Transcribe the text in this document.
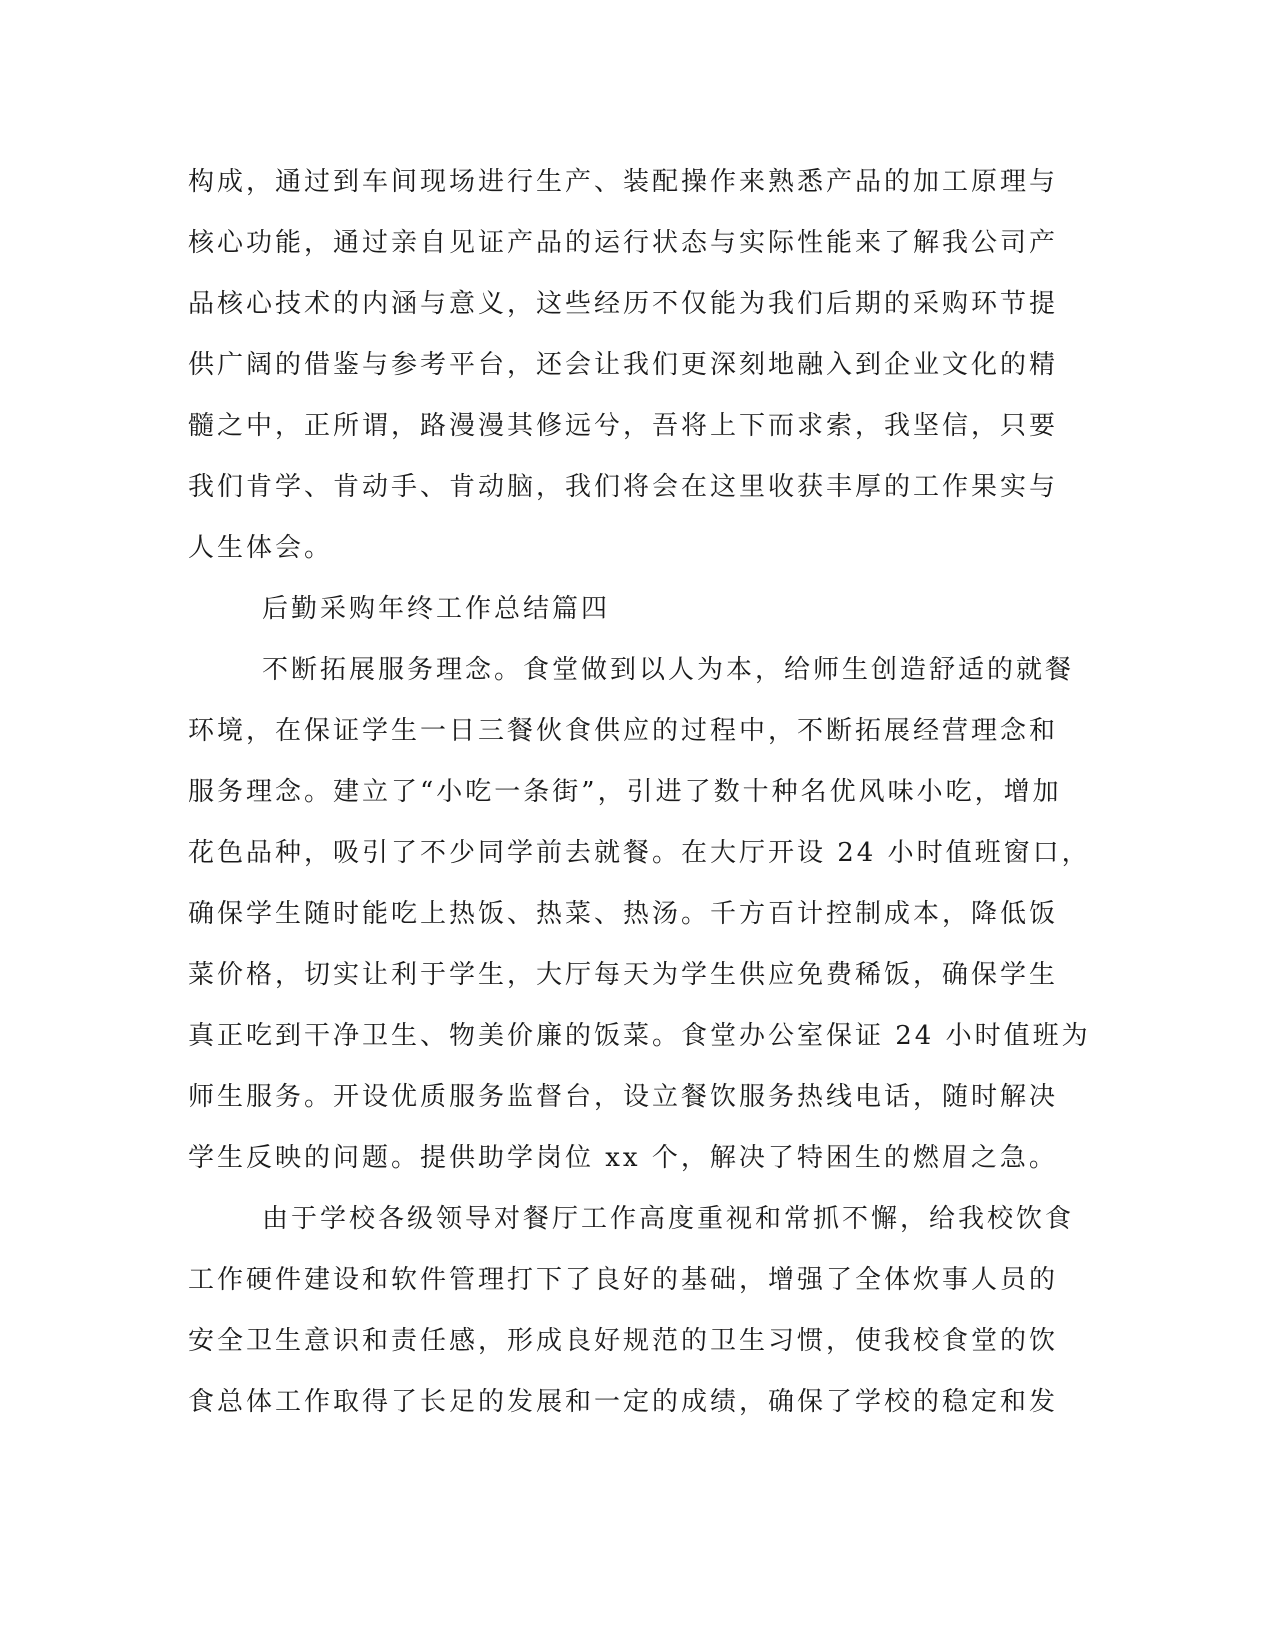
构成，通过到车间现场进行生产、装配操作来熟悉产品的加工原理与
核心功能，通过亲自见证产品的运行状态与实际性能来了解我公司产
品核心技术的内涵与意义，这些经历不仅能为我们后期的采购环节提
供广阔的借鉴与参考平台，还会让我们更深刻地融入到企业文化的精
髓之中，正所谓，路漫漫其修远兮，吾将上下而求索，我坚信，只要
我们肯学、肯动手、肯动脑，我们将会在这里收获丰厚的工作果实与
人生体会。
后勤采购年终工作总结篇四
不断拓展服务理念。食堂做到以人为本，给师生创造舒适的就餐
环境，在保证学生一日三餐伙食供应的过程中，不断拓展经营理念和
服务理念。建立了“小吃一条街”，引进了数十种名优风味小吃，增加
花色品种，吸引了不少同学前去就餐。在大厅开设 24 小时值班窗口，
确保学生随时能吃上热饭、热菜、热汤。千方百计控制成本，降低饭
菜价格，切实让利于学生，大厅每天为学生供应免费稀饭，确保学生
真正吃到干净卫生、物美价廉的饭菜。食堂办公室保证 24 小时值班为
师生服务。开设优质服务监督台，设立餐饮服务热线电话，随时解决
学生反映的问题。提供助学岗位 xx 个，解决了特困生的燃眉之急。
由于学校各级领导对餐厅工作高度重视和常抓不懈，给我校饮食
工作硬件建设和软件管理打下了良好的基础，增强了全体炊事人员的
安全卫生意识和责任感，形成良好规范的卫生习惯，使我校食堂的饮
食总体工作取得了长足的发展和一定的成绩，确保了学校的稳定和发
